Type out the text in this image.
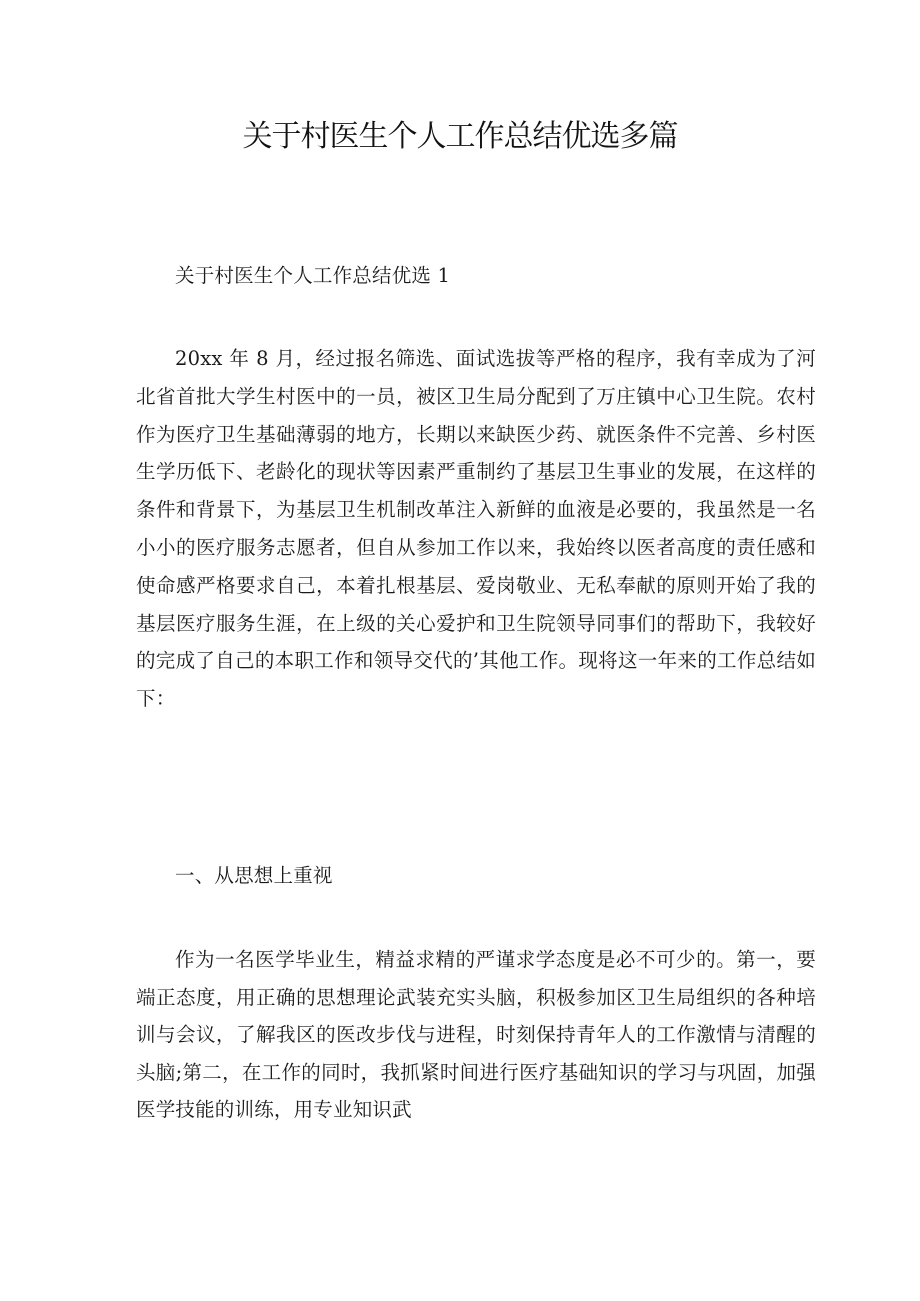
关于村医生个人工作总结优选多篇

关于村医生个人工作总结优选 1

20xx 年 8 月，经过报名筛选、面试选拔等严格的程序，我有幸成为了河北省首批大学生村医中的一员，被区卫生局分配到了万庄镇中心卫生院。农村作为医疗卫生基础薄弱的地方，长期以来缺医少药、就医条件不完善、乡村医生学历低下、老龄化的现状等因素严重制约了基层卫生事业的发展，在这样的条件和背景下，为基层卫生机制改革注入新鲜的血液是必要的，我虽然是一名小小的医疗服务志愿者，但自从参加工作以来，我始终以医者高度的责任感和使命感严格要求自己，本着扎根基层、爱岗敬业、无私奉献的原则开始了我的基层医疗服务生涯，在上级的关心爱护和卫生院领导同事们的帮助下，我较好的完成了自己的本职工作和领导交代的’其他工作。现将这一年来的工作总结如下：

一、从思想上重视

作为一名医学毕业生，精益求精的严谨求学态度是必不可少的。第一，要端正态度，用正确的思想理论武装充实头脑，积极参加区卫生局组织的各种培训与会议，了解我区的医改步伐与进程，时刻保持青年人的工作激情与清醒的头脑;第二，在工作的同时，我抓紧时间进行医疗基础知识的学习与巩固，加强医学技能的训练，用专业知识武
